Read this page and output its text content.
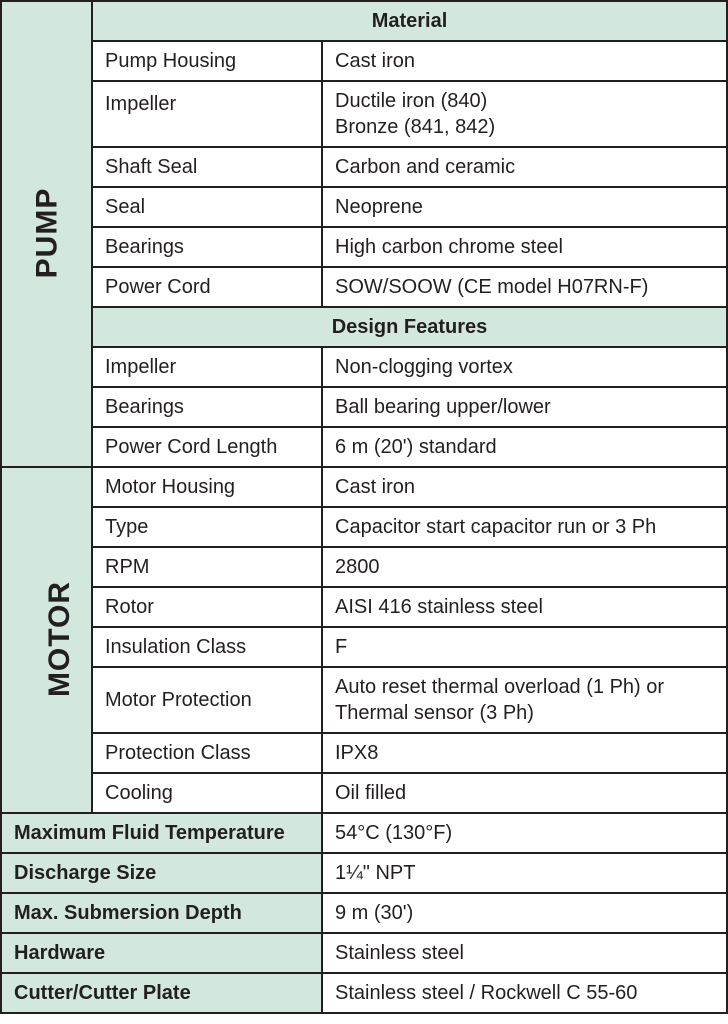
PUMP	Material	
	Pump Housing	Cast iron
	Impeller	Ductile iron (840)
Bronze (841, 842)

	Shaft Seal	Carbon and ceramic
	Seal	Neoprene
	Bearings	High carbon chrome steel
	Power Cord	SOW/SOOW (CE model H07RN-F)
	Design Features	
	Impeller	Non-clogging vortex
	Bearings	Ball bearing upper/lower
	Power Cord Length	6 m (20') standard
MOTOR	Motor Housing	Cast iron
	Type	Capacitor start capacitor run or 3 Ph
	RPM	2800
	Rotor	AISI 416 stainless steel
	Insulation Class	F
	Motor Protection	Auto reset thermal overload (1 Ph) or
Thermal sensor (3 Ph)

	Protection Class	IPX8
	Cooling	Oil filled
Maximum Fluid Temperature		54°C (130°F)
Discharge Size		1¼" NPT
Max. Submersion Depth		9 m (30')
Hardware		Stainless steel
Cutter/Cutter Plate		Stainless steel / Rockwell C 55-60
